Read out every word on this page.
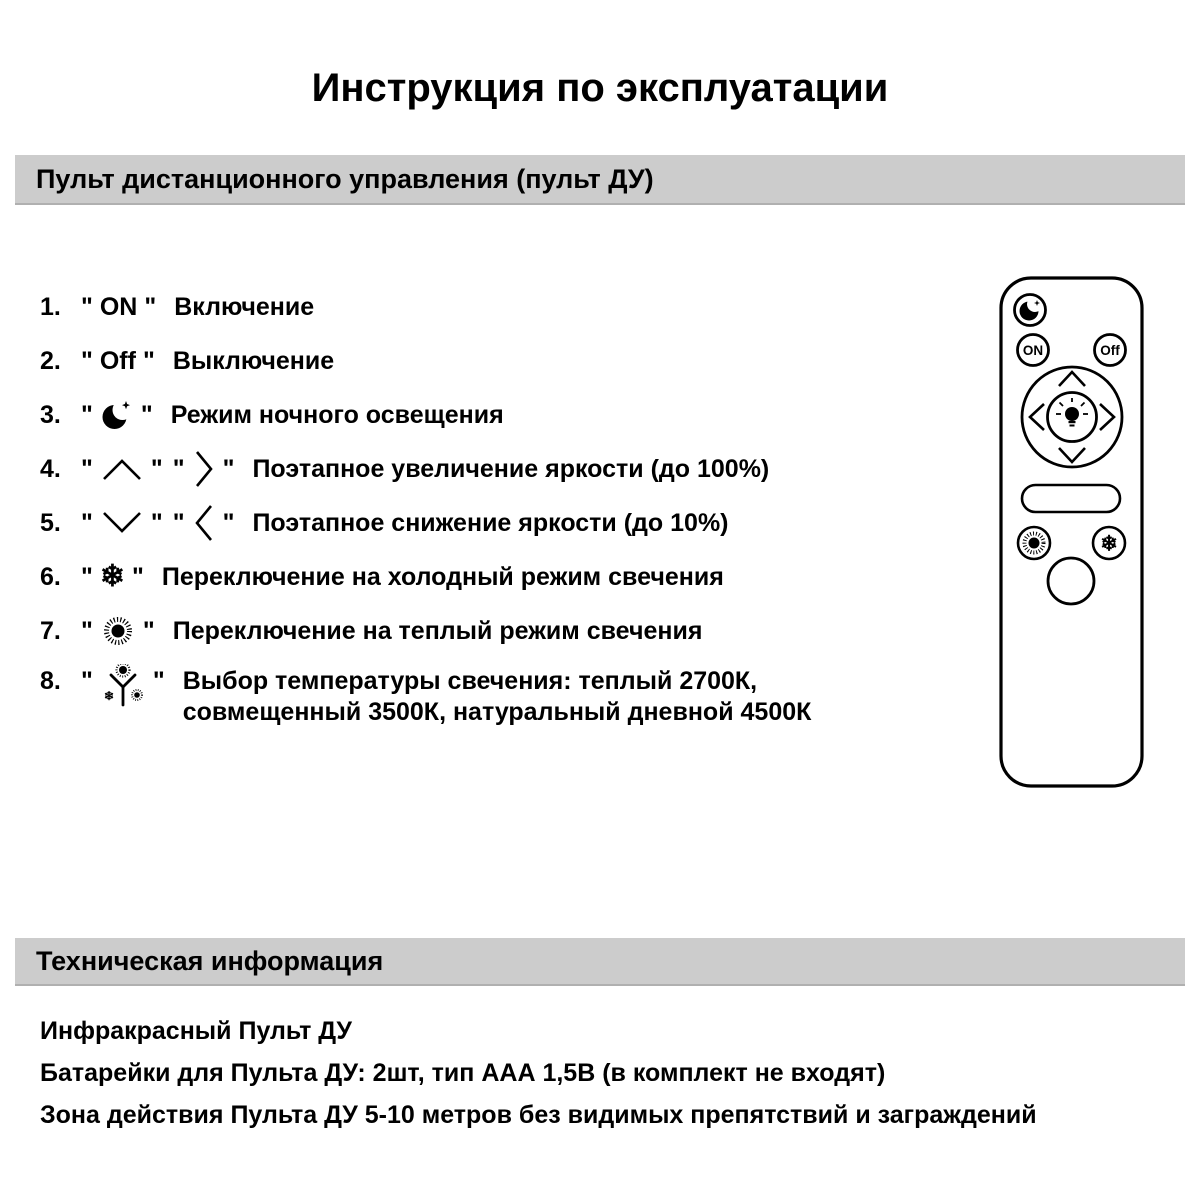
Инструкция по эксплуатации
Пульт дистанционного управления (пульт ДУ)
1. " ON " Включение
2. " Off " Выключение
3. " " Режим ночного освещения
4. " " " " Поэтапное увеличение яркости (до 100%)
5. " " " " Поэтапное снижение яркости (до 10%)
6. " ❄ " Переключение на холодный режим свечения
7. " " Переключение на теплый режим свечения
8. "
❄
" Выбор температуры свечения: теплый 2700К,
совмещенный 3500К, натуральный дневной 4500К
ON	Off
❄
Техническая информация
Инфракрасный Пульт ДУ
Батарейки для Пульта ДУ: 2шт, тип ААА 1,5В (в комплект не входят)
Зона действия Пульта ДУ 5-10 метров без видимых препятствий и заграждений
